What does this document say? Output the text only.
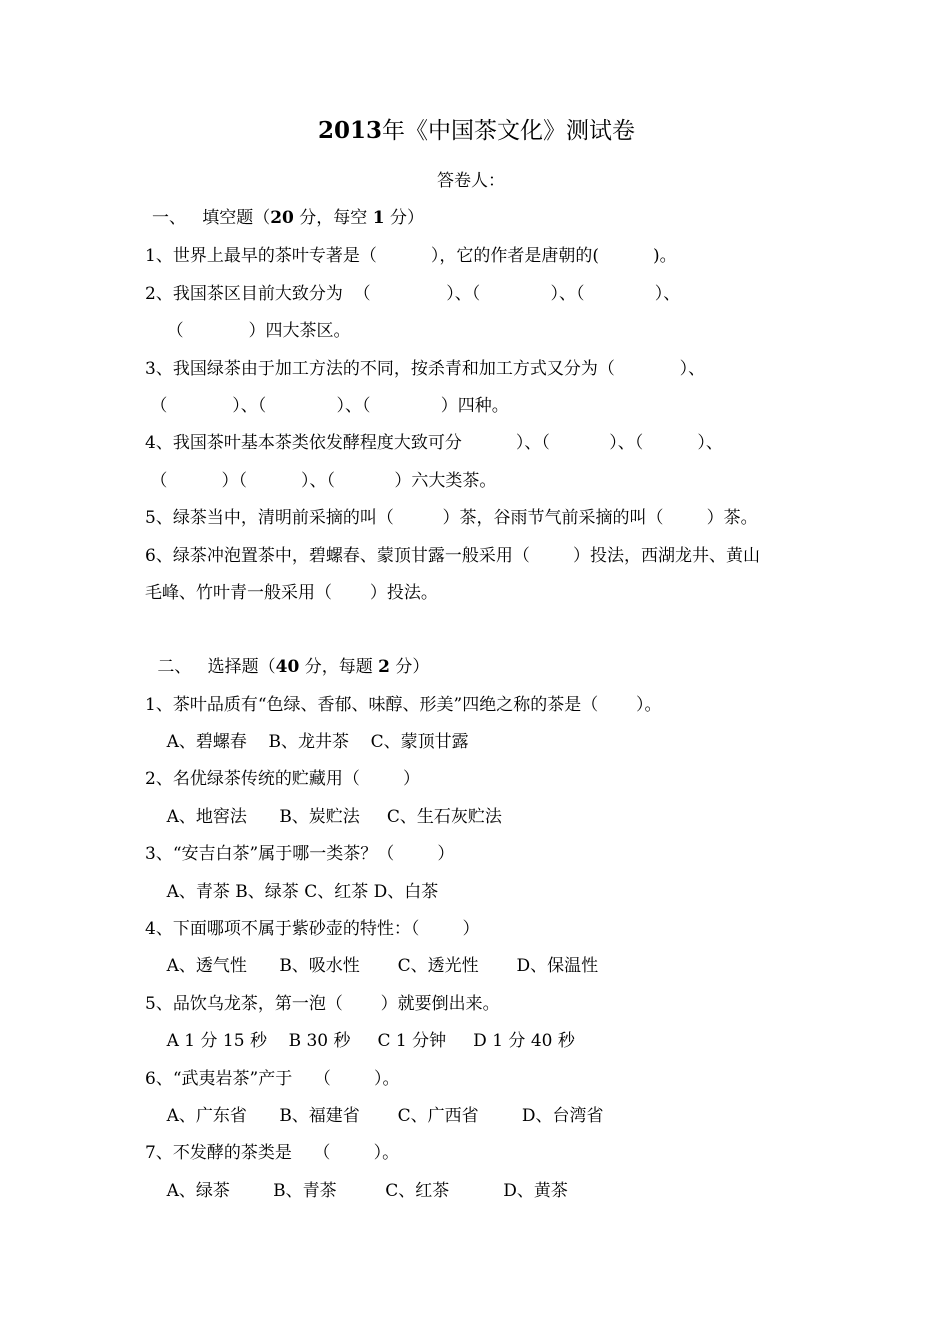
2013年《中国茶文化》测试卷
答卷人：
一、   填空题（20 分，每空 1 分）
1、世界上最早的茶叶专著是（          ），它的作者是唐朝的(          )。
2、我国茶区目前大致分为  （              ）、（             ）、（             ）、
（            ）四大茶区。
3、我国绿茶由于加工方法的不同，按杀青和加工方式又分为（            ）、
（            ）、（             ）、（             ）四种。
4、我国茶叶基本茶类依发酵程度大致可分          ）、（           ）、（          ）、
（          ）（          ）、（           ）六大类茶。
5、绿茶当中，清明前采摘的叫（         ）茶，谷雨节气前采摘的叫（        ）茶。
6、绿茶冲泡置茶中，碧螺春、蒙顶甘露一般采用（        ）投法，西湖龙井、黄山
毛峰、竹叶青一般采用（       ）投法。
二、   选择题（40 分，每题 2 分）
1、茶叶品质有“色绿、香郁、味醇、形美”四绝之称的茶是（       ）。
A、碧螺春    B、龙井茶    C、蒙顶甘露
2、名优绿茶传统的贮藏用（        ）
A、地窖法      B、炭贮法     C、生石灰贮法
3、“安吉白茶”属于哪一类茶？（        ）
A、青茶 B、绿茶 C、红茶 D、白茶
4、下面哪项不属于紫砂壶的特性：（        ）
A、透气性      B、吸水性       C、透光性       D、保温性
5、品饮乌龙茶，第一泡（       ）就要倒出来。
A 1 分 15 秒    B 30 秒     C 1 分钟     D 1 分 40 秒
6、“武夷岩茶”产于    （        ）。
A、广东省      B、福建省       C、广西省        D、台湾省
7、不发酵的茶类是    （        ）。
A、绿茶        B、青茶         C、红茶          D、黄茶
